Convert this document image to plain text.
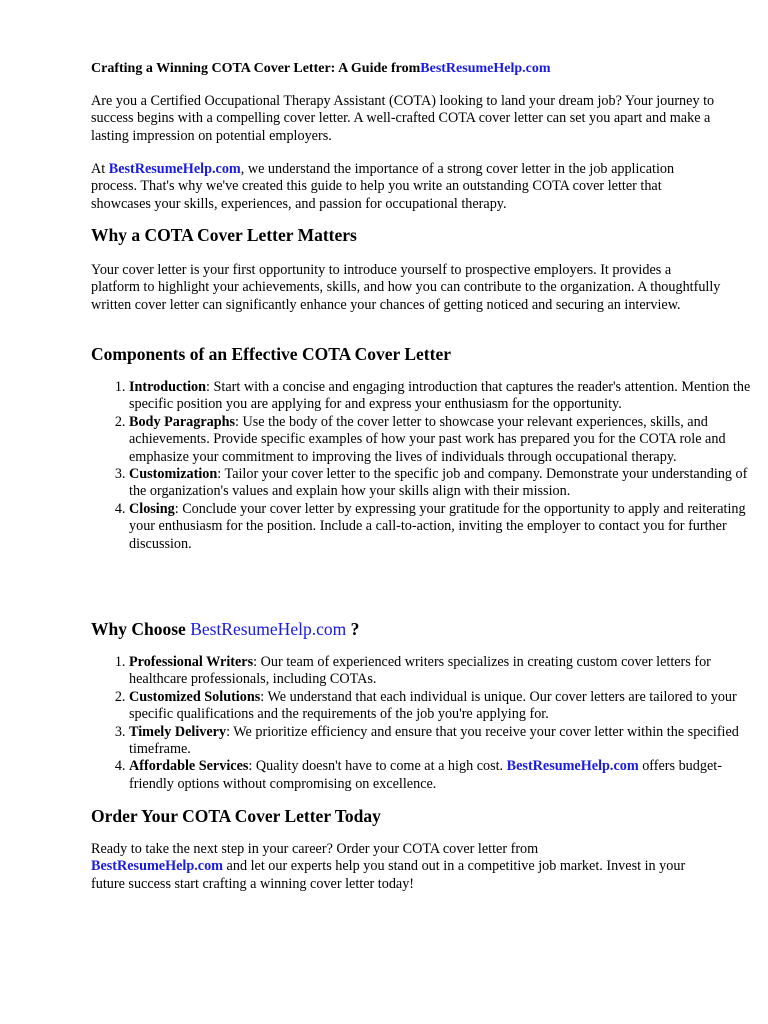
Crafting a Winning COTA Cover Letter: A Guide fromBestResumeHelp.com

Are you a Certified Occupational Therapy Assistant (COTA) looking to land your dream job? Your journey to success begins with a compelling cover letter. A well-crafted COTA cover letter can set you apart and make a lasting impression on potential employers.

At BestResumeHelp.com, we understand the importance of a strong cover letter in the job application process. That's why we've created this guide to help you write an outstanding COTA cover letter that showcases your skills, experiences, and passion for occupational therapy.

Why a COTA Cover Letter Matters

Your cover letter is your first opportunity to introduce yourself to prospective employers. It provides a platform to highlight your achievements, skills, and how you can contribute to the organization. A thoughtfully written cover letter can significantly enhance your chances of getting noticed and securing an interview.

Components of an Effective COTA Cover Letter
1. Introduction: Start with a concise and engaging introduction that captures the reader's attention. Mention the specific position you are applying for and express your enthusiasm for the opportunity.
2. Body Paragraphs: Use the body of the cover letter to showcase your relevant experiences, skills, and achievements. Provide specific examples of how your past work has prepared you for the COTA role and emphasize your commitment to improving the lives of individuals through occupational therapy.
3. Customization: Tailor your cover letter to the specific job and company. Demonstrate your understanding of the organization's values and explain how your skills align with their mission.
4. Closing: Conclude your cover letter by expressing your gratitude for the opportunity to apply and reiterating your enthusiasm for the position. Include a call-to-action, inviting the employer to contact you for further discussion.
Why Choose BestResumeHelp.com ?
1. Professional Writers: Our team of experienced writers specializes in creating custom cover letters for healthcare professionals, including COTAs.
2. Customized Solutions: We understand that each individual is unique. Our cover letters are tailored to your specific qualifications and the requirements of the job you're applying for.
3. Timely Delivery: We prioritize efficiency and ensure that you receive your cover letter within the specified timeframe.
4. Affordable Services: Quality doesn't have to come at a high cost. BestResumeHelp.com offers budget-friendly options without compromising on excellence.
Order Your COTA Cover Letter Today

Ready to take the next step in your career? Order your COTA cover letter from
BestResumeHelp.com and let our experts help you stand out in a competitive job market. Invest in your future success start crafting a winning cover letter today!
